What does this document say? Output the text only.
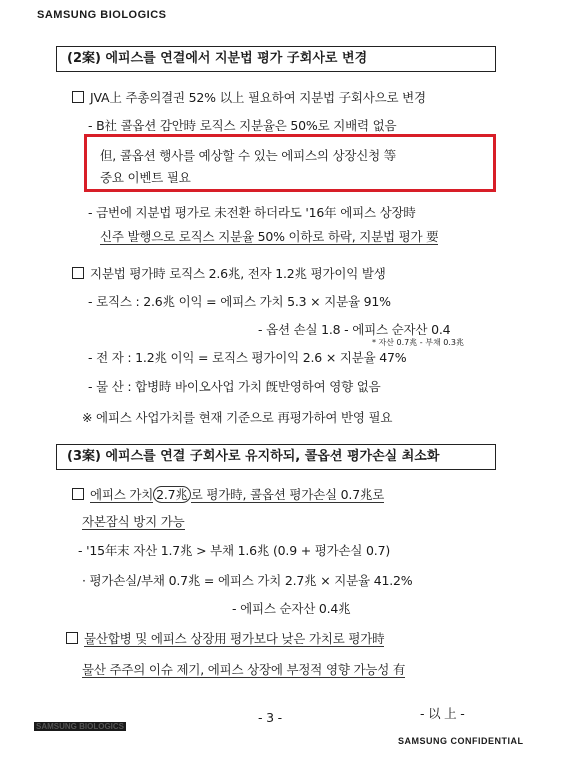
SAMSUNG BIOLOGICS
(2案) 에피스를 연결에서 지분법 평가 子회사로 변경
JVA上 주총의결권 52% 以上 필요하여 지분법 子회사으로 변경
- B社 콜옵션 감안時 로직스 지분율은 50%로 지배력 없음
但, 콜옵션 행사를 예상할 수 있는 에피스의 상장신청 等
중요 이벤트 필요
- 금번에 지분법 평가로 未전환 하더라도 '16年 에피스 상장時
신주 발행으로 로직스 지분율 50% 이하로 하락, 지분법 평가 要
지분법 평가時 로직스 2.6兆, 전자 1.2兆 평가이익 발생
- 로직스 : 2.6兆 이익 = 에피스 가치 5.3 × 지분율 91%
- 옵션 손실 1.8 - 에피스 순자산 0.4
* 자산 0.7兆 - 부채 0.3兆
- 전 자 : 1.2兆 이익 = 로직스 평가이익 2.6 × 지분율 47%
- 물 산 : 합병時 바이오사업 가치 旣반영하여 영향 없음
※ 에피스 사업가치를 현재 기준으로 再평가하여 반영 필요
(3案) 에피스를 연결 子회사로 유지하되, 콜옵션 평가손실 최소화
에피스 가치 2.7兆 로 평가時, 콜옵션 평가손실 0.7兆로
자본잠식 방지 가능
- '15年末 자산 1.7兆 > 부채 1.6兆 (0.9 + 평가손실 0.7)
· 평가손실/부채 0.7兆 = 에피스 가치 2.7兆 × 지분율 41.2%
- 에피스 순자산 0.4兆
물산합병 및 에피스 상장用 평가보다 낮은 가치로 평가時
물산 주주의 이슈 제기, 에피스 상장에 부정적 영향 가능성 有
- 3 -	- 以 上 -
SAMSUNG BIOLOGICS
SAMSUNG CONFIDENTIAL
